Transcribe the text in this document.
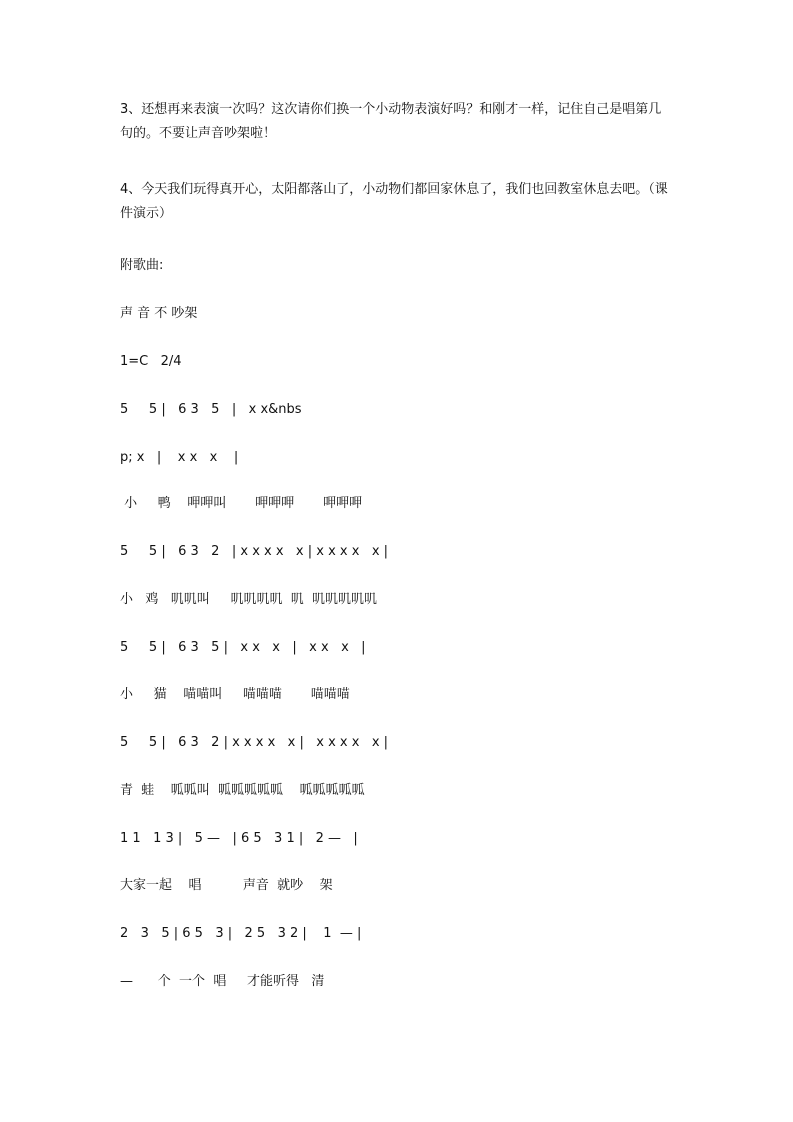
3、还想再来表演一次吗？这次请你们换一个小动物表演好吗？和刚才一样，记住自己是唱第几
句的。不要让声音吵架啦！
4、今天我们玩得真开心，太阳都落山了，小动物们都回家休息了，我们也回教室休息去吧。（课
件演示）

附歌曲:

声 音 不 吵架

1=C   2/4

5     5 |   6 3   5   |   x x&nbs

p; x   |    x x   x    |

小     鸭    呷呷叫       呷呷呷       呷呷呷

5     5 |   6 3   2   | x x x x   x | x x x x   x |

小   鸡   叽叽叫     叽叽叽叽  叽  叽叽叽叽叽

5     5 |   6 3   5 |   x x   x   |   x x   x   |

小     猫    喵喵叫     喵喵喵       喵喵喵

5     5 |   6 3   2 | x x x x   x |   x x x x   x |

青  蛙    呱呱叫  呱呱呱呱呱    呱呱呱呱呱

1 1   1 3 |   5 —   | 6 5   3 1 |   2 —   |

大家一起    唱          声音  就吵    架

2   3   5 | 6 5   3 |   2 5   3 2 |    1  — |

—      个  一个  唱     才能听得   清
